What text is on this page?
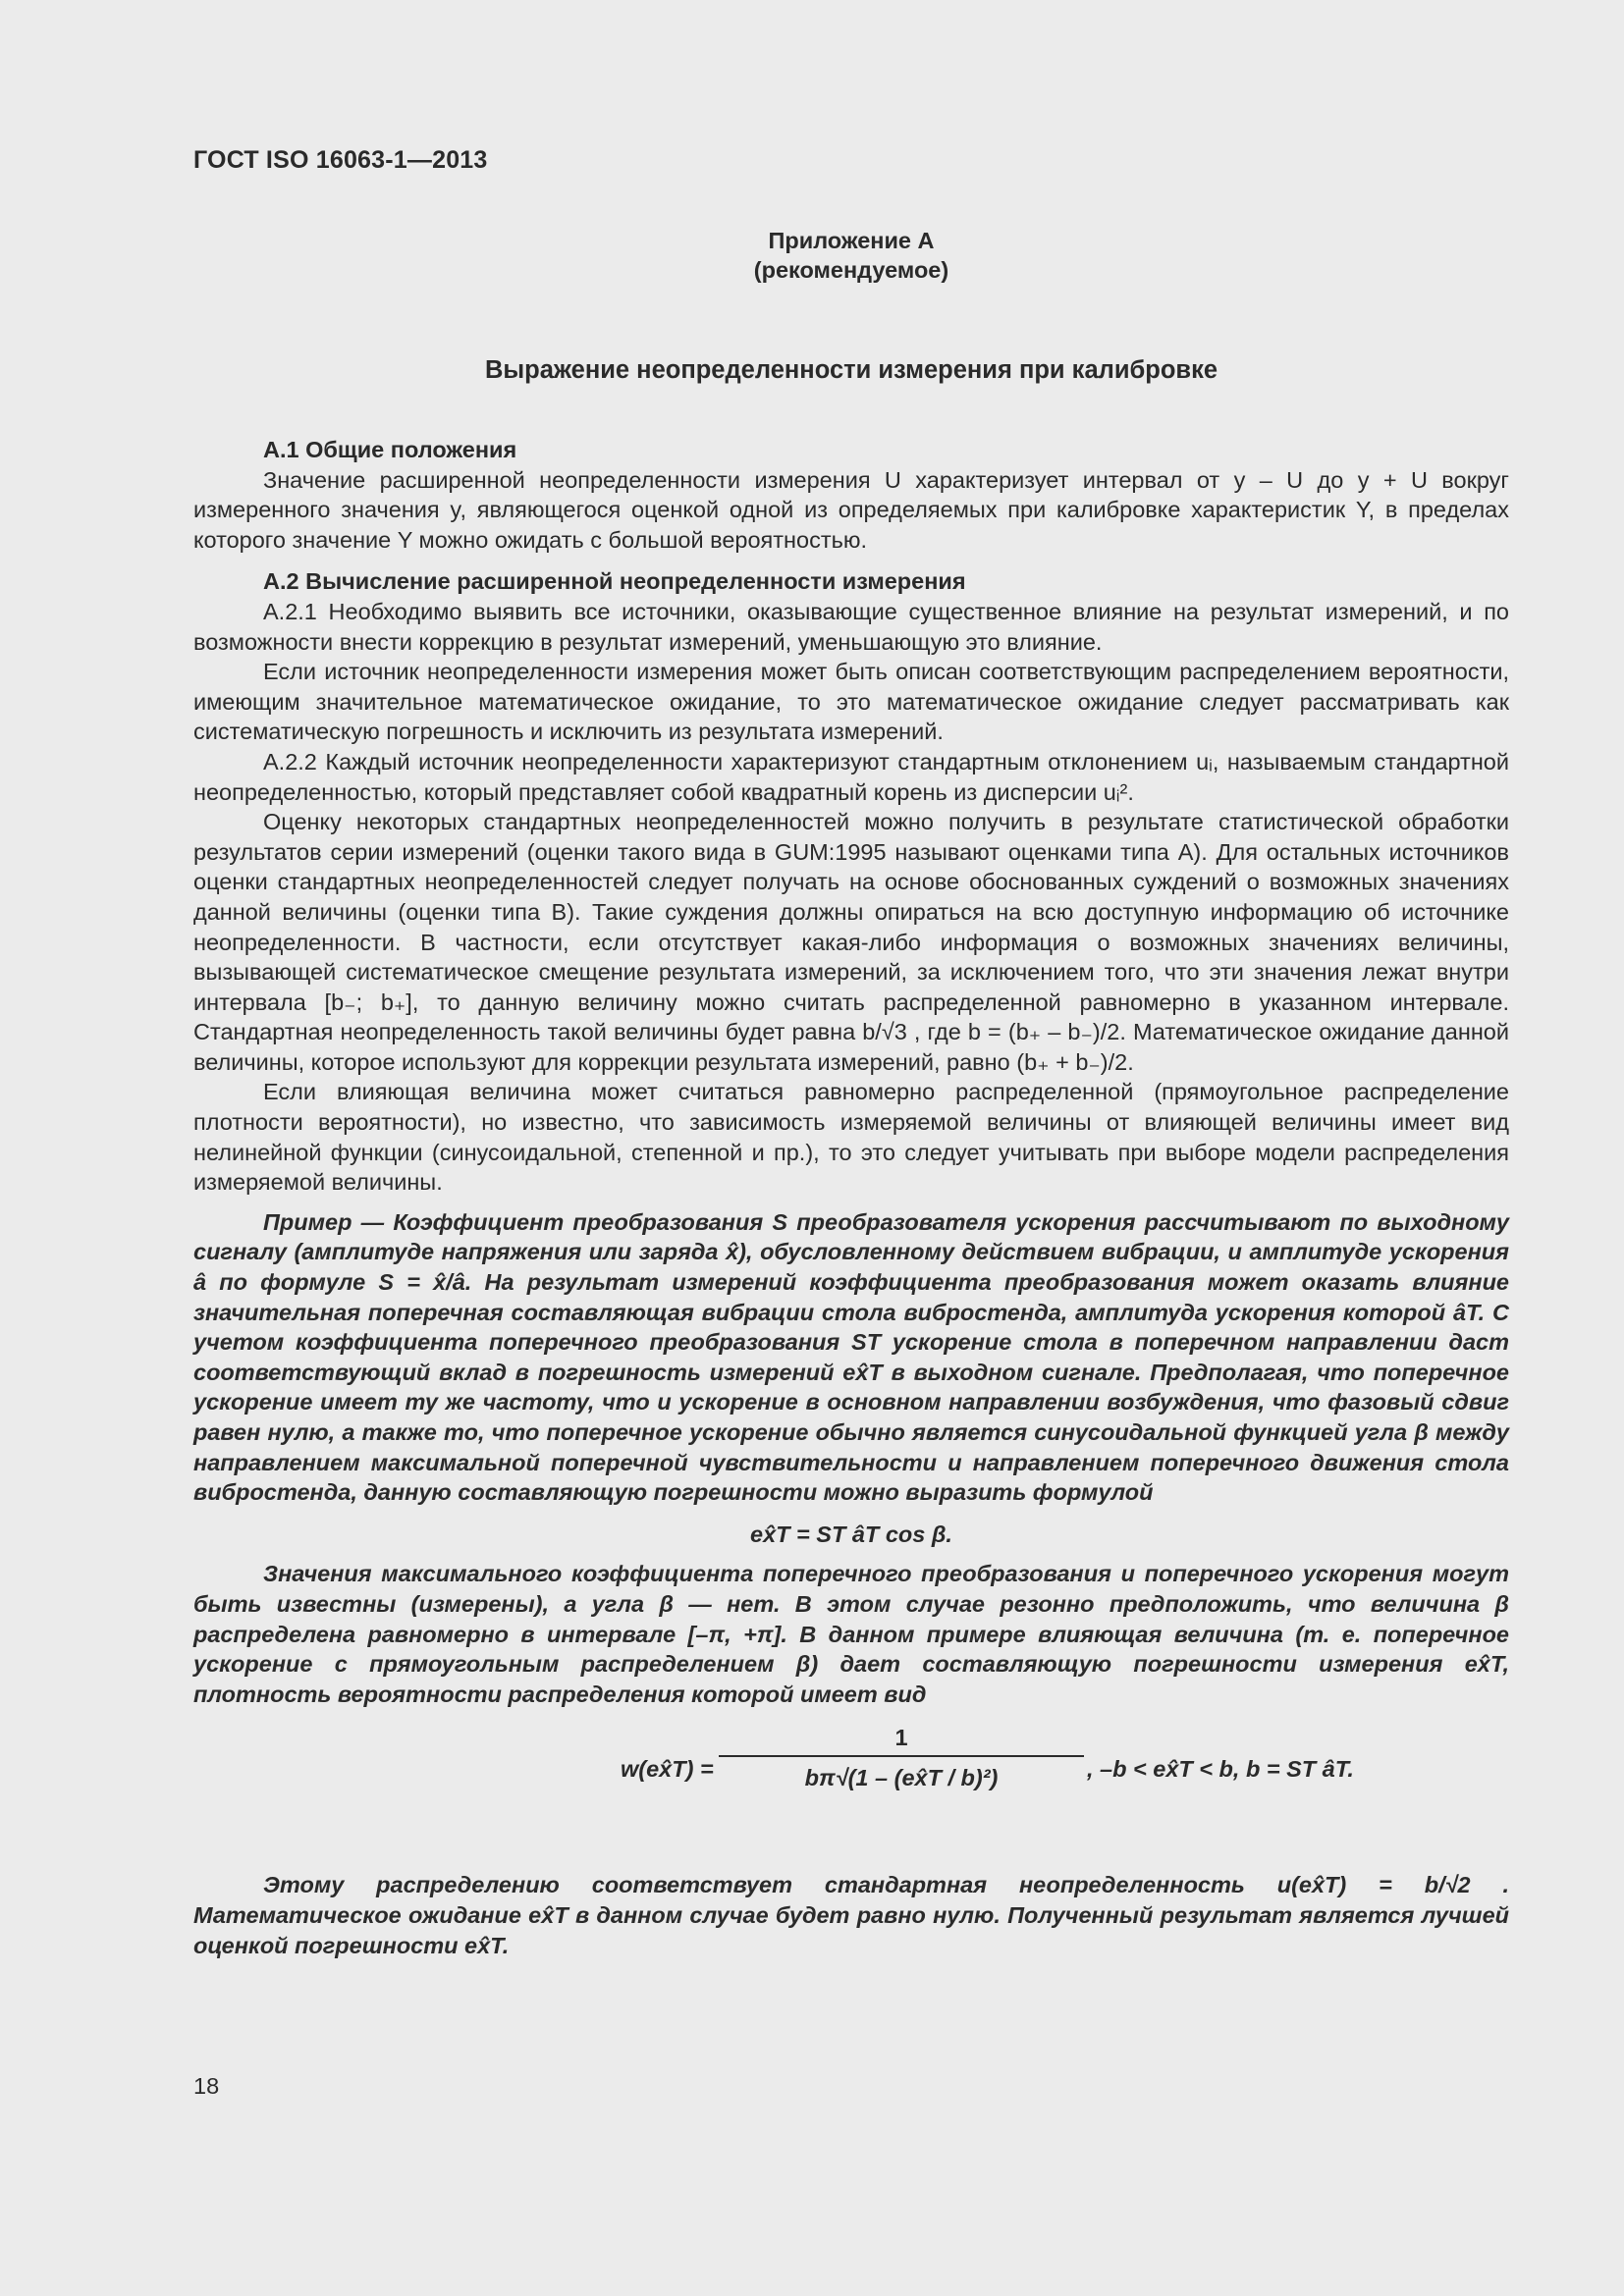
ГОСТ ISO 16063-1—2013
Приложение А
(рекомендуемое)
Выражение неопределенности измерения при калибровке
А.1 Общие положения

Значение расширенной неопределенности измерения U характеризует интервал от y – U до y + U вокруг измеренного значения y, являющегося оценкой одной из определяемых при калибровке характеристик Y, в пределах которого значение Y можно ожидать с большой вероятностью.

А.2 Вычисление расширенной неопределенности измерения

А.2.1 Необходимо выявить все источники, оказывающие существенное влияние на результат измерений, и по возможности внести коррекцию в результат измерений, уменьшающую это влияние.

Если источник неопределенности измерения может быть описан соответствующим распределением вероятности, имеющим значительное математическое ожидание, то это математическое ожидание следует рассматривать как систематическую погрешность и исключить из результата измерений.

А.2.2 Каждый источник неопределенности характеризуют стандартным отклонением uᵢ, называемым стандартной неопределенностью, который представляет собой квадратный корень из дисперсии uᵢ².

Оценку некоторых стандартных неопределенностей можно получить в результате статистической обработки результатов серии измерений (оценки такого вида в GUM:1995 называют оценками типа А). Для остальных источников оценки стандартных неопределенностей следует получать на основе обоснованных суждений о возможных значениях данной величины (оценки типа В). Такие суждения должны опираться на всю доступную информацию об источнике неопределенности. В частности, если отсутствует какая-либо информация о возможных значениях величины, вызывающей систематическое смещение результата измерений, за исключением того, что эти значения лежат внутри интервала [b₋; b₊], то данную величину можно считать распределенной равномерно в указанном интервале. Стандартная неопределенность такой величины будет равна b/√3 , где b = (b₊ – b₋)/2. Математическое ожидание данной величины, которое используют для коррекции результата измерений, равно (b₊ + b₋)/2.

Если влияющая величина может считаться равномерно распределенной (прямоугольное распределение плотности вероятности), но известно, что зависимость измеряемой величины от влияющей величины имеет вид нелинейной функции (синусоидальной, степенной и пр.), то это следует учитывать при выборе модели распределения измеряемой величины.

Пример — Коэффициент преобразования S преобразователя ускорения рассчитывают по выходному сигналу (амплитуде напряжения или заряда x̂), обусловленному действием вибрации, и амплитуде ускорения â по формуле S = x̂/â. На результат измерений коэффициента преобразования может оказать влияние значительная поперечная составляющая вибрации стола вибростенда, амплитуда ускорения которой âT. С учетом коэффициента поперечного преобразования ST ускорение стола в поперечном направлении даст соответствующий вклад в погрешность измерений ex̂T в выходном сигнале. Предполагая, что поперечное ускорение имеет ту же частоту, что и ускорение в основном направлении возбуждения, что фазовый сдвиг равен нулю, а также то, что поперечное ускорение обычно является синусоидальной функцией угла β между направлением максимальной поперечной чувствительности и направлением поперечного движения стола вибростенда, данную составляющую погрешности можно выразить формулой

ex̂T = ST âT cos β.

Значения максимального коэффициента поперечного преобразования и поперечного ускорения могут быть известны (измерены), а угла β — нет. В этом случае резонно предположить, что величина β распределена равномерно в интервале [–π, +π]. В данном примере влияющая величина (т. е. поперечное ускорение с прямоугольным распределением β) дает составляющую погрешности измерения ex̂T, плотность вероятности распределения которой имеет вид

w(ex̂T) = $\frac{1}{\text{bπ√(1 – (ex̂T / b)²)}}$ , –b < ex̂T < b, b = ST âT.

Этому распределению соответствует стандартная неопределенность u(ex̂T) = b/√2 . Математическое ожидание ex̂T в данном случае будет равно нулю. Полученный результат является лучшей оценкой погрешности ex̂T.

18
